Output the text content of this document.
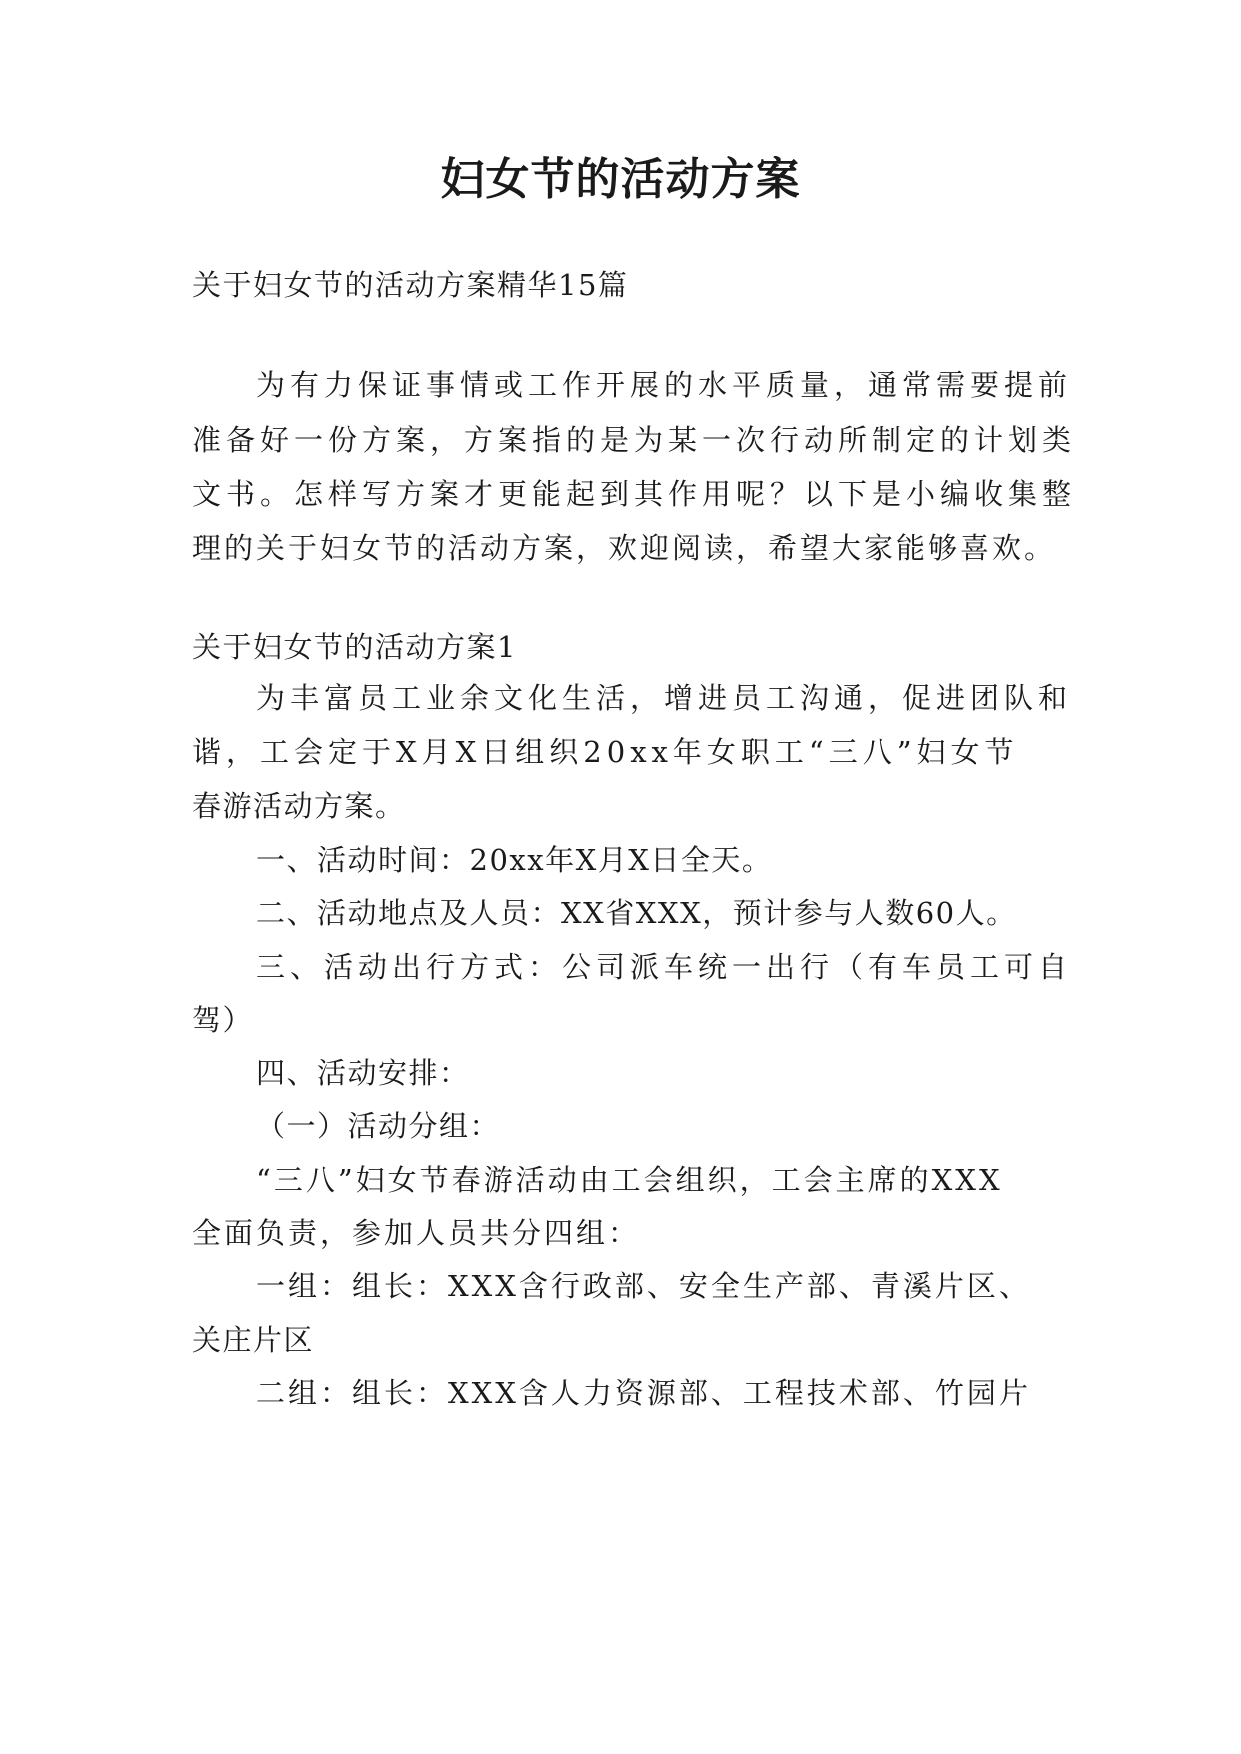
妇女节的活动方案

关于妇女节的活动方案精华15篇

为有力保证事情或工作开展的水平质量，通常需要提前

准备好一份方案，方案指的是为某一次行动所制定的计划类

文书。怎样写方案才更能起到其作用呢？以下是小编收集整

理的关于妇女节的活动方案，欢迎阅读，希望大家能够喜欢。

关于妇女节的活动方案1

为丰富员工业余文化生活，增进员工沟通，促进团队和

谐，工会定于X月X日组织20xx年女职工“三八”妇女节

春游活动方案。

一、活动时间：20xx年X月X日全天。

二、活动地点及人员：XX省XXX，预计参与人数60人。

三、活动出行方式：公司派车统一出行（有车员工可自

驾）

四、活动安排：

（一）活动分组：

“三八”妇女节春游活动由工会组织，工会主席的XXX

全面负责，参加人员共分四组：

一组：组长：XXX含行政部、安全生产部、青溪片区、

关庄片区

二组：组长：XXX含人力资源部、工程技术部、竹园片
